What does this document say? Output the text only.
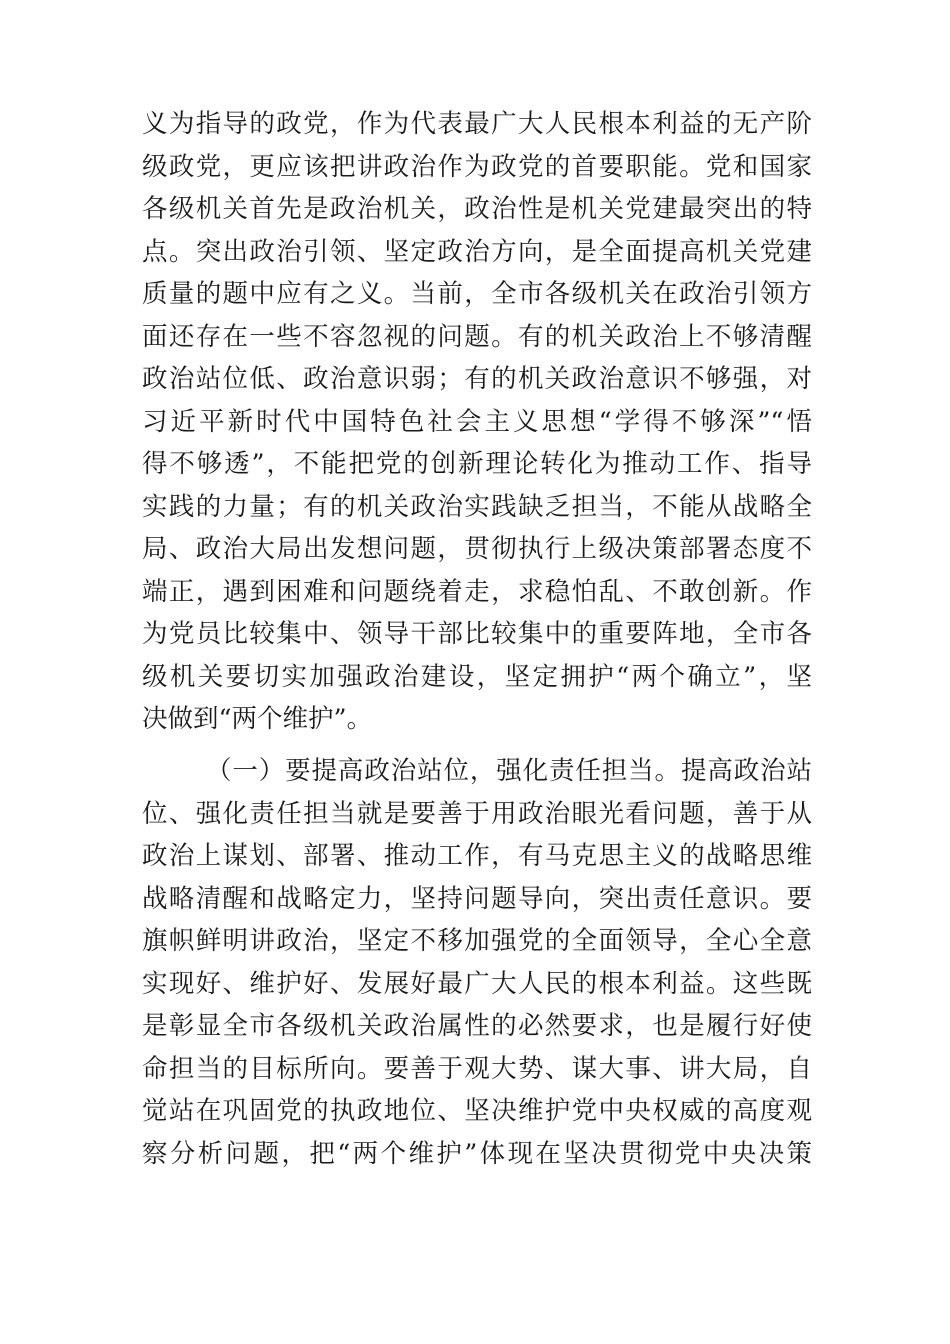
义为指导的政党，作为代表最广大人民根本利益的无产阶
级政党，更应该把讲政治作为政党的首要职能。党和国家
各级机关首先是政治机关，政治性是机关党建最突出的特
点。突出政治引领、坚定政治方向，是全面提高机关党建
质量的题中应有之义。当前，全市各级机关在政治引领方
面还存在一些不容忽视的问题。有的机关政治上不够清醒
政治站位低、政治意识弱；有的机关政治意识不够强，对
习近平新时代中国特色社会主义思想“学得不够深”“悟
得不够透”，不能把党的创新理论转化为推动工作、指导
实践的力量；有的机关政治实践缺乏担当，不能从战略全
局、政治大局出发想问题，贯彻执行上级决策部署态度不
端正，遇到困难和问题绕着走，求稳怕乱、不敢创新。作
为党员比较集中、领导干部比较集中的重要阵地，全市各
级机关要切实加强政治建设，坚定拥护“两个确立”，坚
决做到“两个维护”。
（一）要提高政治站位，强化责任担当。提高政治站
位、强化责任担当就是要善于用政治眼光看问题，善于从
政治上谋划、部署、推动工作，有马克思主义的战略思维
战略清醒和战略定力，坚持问题导向，突出责任意识。要
旗帜鲜明讲政治，坚定不移加强党的全面领导，全心全意
实现好、维护好、发展好最广大人民的根本利益。这些既
是彰显全市各级机关政治属性的必然要求，也是履行好使
命担当的目标所向。要善于观大势、谋大事、讲大局，自
觉站在巩固党的执政地位、坚决维护党中央权威的高度观
察分析问题，把“两个维护”体现在坚决贯彻党中央决策
